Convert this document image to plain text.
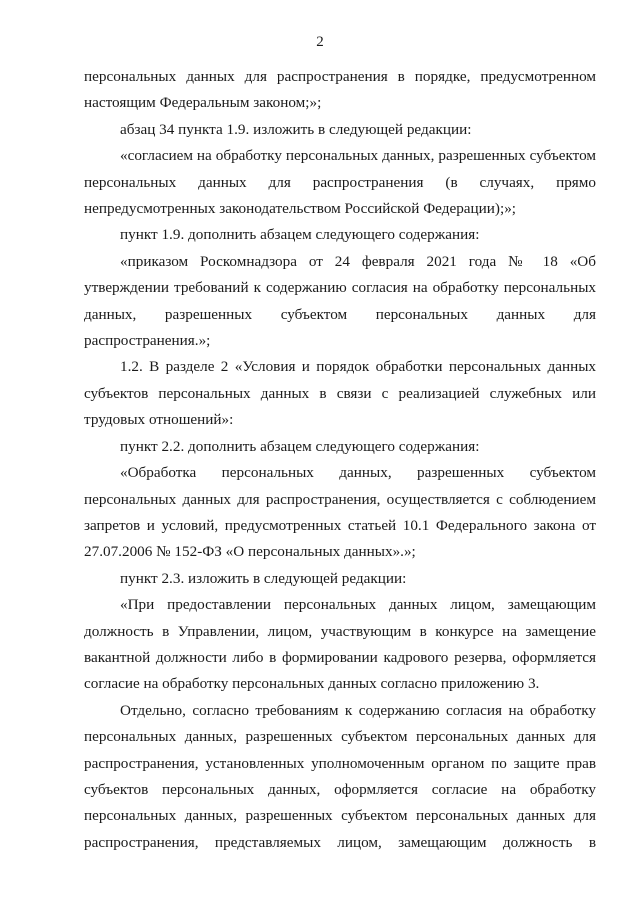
2

персональных данных для распространения в порядке, предусмотренном настоящим Федеральным законом;»;

абзац 34 пункта 1.9. изложить в следующей редакции:

«согласием на обработку персональных данных, разрешенных субъектом персональных данных для распространения (в случаях, прямо непредусмотренных законодательством Российской Федерации);»;

пункт 1.9. дополнить абзацем следующего содержания:

«приказом Роскомнадзора от 24 февраля 2021 года № 18 «Об утверждении требований к содержанию согласия на обработку персональных данных, разрешенных субъектом персональных данных для распространения.»;

1.2. В разделе 2 «Условия и порядок обработки персональных данных субъектов персональных данных в связи с реализацией служебных или трудовых отношений»:

пункт 2.2. дополнить абзацем следующего содержания:

«Обработка персональных данных, разрешенных субъектом персональных данных для распространения, осуществляется с соблюдением запретов и условий, предусмотренных статьей 10.1 Федерального закона от 27.07.2006 № 152-ФЗ «О персональных данных».»;

пункт 2.3. изложить в следующей редакции:

«При предоставлении персональных данных лицом, замещающим должность в Управлении, лицом, участвующим в конкурсе на замещение вакантной должности либо в формировании кадрового резерва, оформляется согласие на обработку персональных данных согласно приложению 3.

Отдельно, согласно требованиям к содержанию согласия на обработку персональных данных, разрешенных субъектом персональных данных для распространения, установленных уполномоченным органом по защите прав субъектов персональных данных, оформляется согласие на обработку персональных данных, разрешенных субъектом персональных данных для распространения, представляемых лицом, замещающим должность в
